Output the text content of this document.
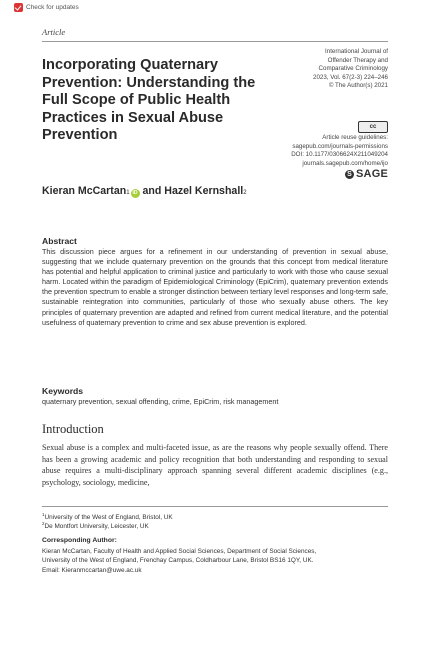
Check for updates
Article
Incorporating Quaternary Prevention: Understanding the Full Scope of Public Health Practices in Sexual Abuse Prevention
International Journal of
Offender Therapy and
Comparative Criminology
2023, Vol. 67(2-3) 224–246
© The Author(s) 2021
cc
Article reuse guidelines:
sagepub.com/journals-permissions
DOI: 10.1177/0306624X211049204
journals.sagepub.com/home/ijo
S SAGE
Kieran McCartan 1 iD and Hazel Kernshall 2
Abstract
This discussion piece argues for a refinement in our understanding of prevention in sexual abuse, suggesting that we include quaternary prevention on the grounds that this concept from medical literature has potential and helpful application to criminal justice and particularly to work with those who cause sexual harm. Located within the paradigm of Epidemiological Criminology (EpiCrim), quaternary prevention extends the prevention spectrum to enable a stronger distinction between tertiary level responses and long-term safe, sustainable reintegration into communities, particularly of those who sexually abuse others. The key principles of quaternary prevention are adapted and refined from current medical literature, and the potential usefulness of quaternary prevention to crime and sex abuse prevention is explored.
Keywords
quaternary prevention, sexual offending, crime, EpiCrim, risk management
Introduction
Sexual abuse is a complex and multi-faceted issue, as are the reasons why people sexually offend. There has been a growing academic and policy recognition that both understanding and responding to sexual abuse requires a multi-disciplinary approach spanning several different academic disciplines (e.g., psychology, sociology, medicine,
$^1$University of the West of England, Bristol, UK
$^2$De Montfort University, Leicester, UK
Corresponding Author:
Kieran McCartan, Faculty of Health and Applied Social Sciences, Department of Social Sciences,
University of the West of England, Frenchay Campus, Coldharbour Lane, Bristol BS16 1QY, UK.
Email: Kieranmccartan@uwe.ac.uk
